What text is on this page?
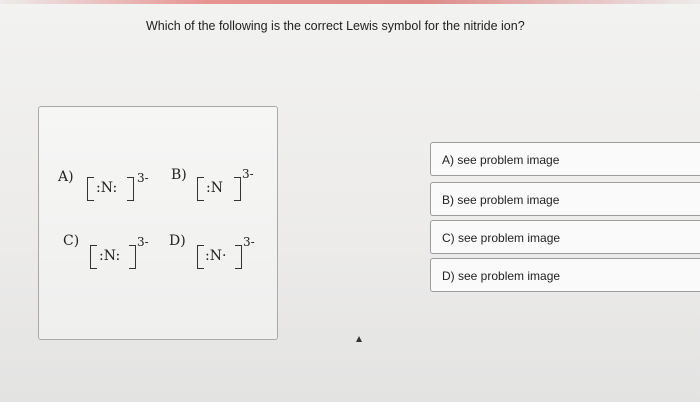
Which of the following is the correct Lewis symbol for the nitride ion?
A)
:N:
3- B)
:N
3-
C)
:N:
3- D)
:N·
3-
A) see problem image
B) see problem image
C) see problem image
D) see problem image
